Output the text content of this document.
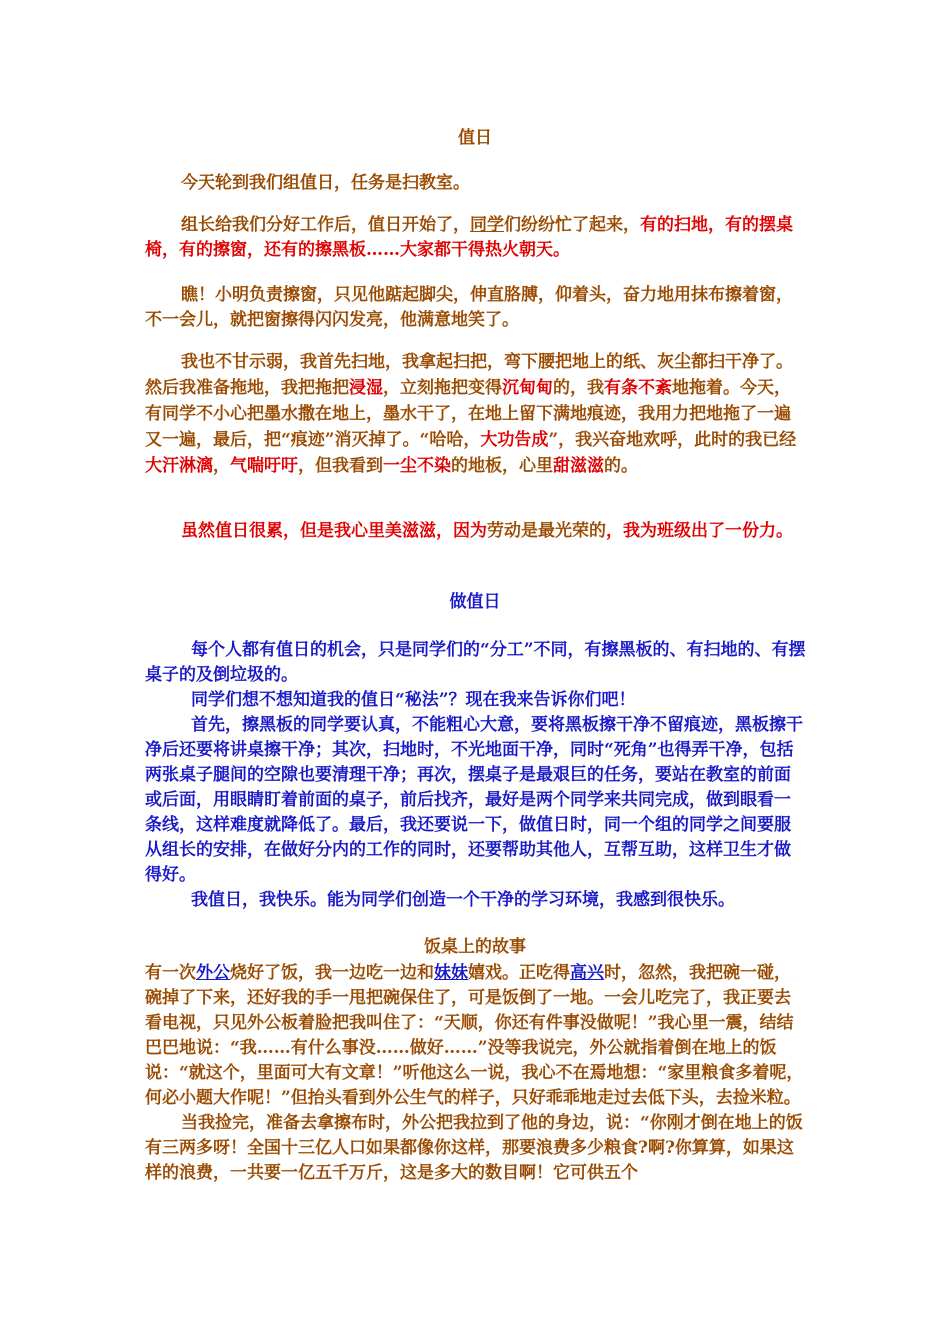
值日
今天轮到我们组值日，任务是扫教室。
组长给我们分好工作后，值日开始了，同学们纷纷忙了起来，有的扫地，有的摆桌椅，有的擦窗，还有的擦黑板……大家都干得热火朝天。
瞧！小明负责擦窗，只见他踮起脚尖，伸直胳膊，仰着头，奋力地用抹布擦着窗，不一会儿，就把窗擦得闪闪发亮，他满意地笑了。
我也不甘示弱，我首先扫地，我拿起扫把，弯下腰把地上的纸、灰尘都扫干净了。然后我准备拖地，我把拖把浸湿，立刻拖把变得沉甸甸的，我有条不紊地拖着。今天，有同学不小心把墨水撒在地上，墨水干了，在地上留下满地痕迹，我用力把地拖了一遍又一遍，最后，把“痕迹”消灭掉了。“哈哈，大功告成”，我兴奋地欢呼，此时的我已经大汗淋漓，气喘吁吁，但我看到一尘不染的地板，心里甜滋滋的。
虽然值日很累，但是我心里美滋滋，因为劳动是最光荣的，我为班级出了一份力。
做值日

每个人都有值日的机会，只是同学们的“分工”不同，有擦黑板的、有扫地的、有摆桌子的及倒垃圾的。

同学们想不想知道我的值日“秘法”？现在我来告诉你们吧！

首先，擦黑板的同学要认真，不能粗心大意，要将黑板擦干净不留痕迹，黑板擦干净后还要将讲桌擦干净；其次，扫地时，不光地面干净，同时“死角”也得弄干净，包括两张桌子腿间的空隙也要清理干净；再次，摆桌子是最艰巨的任务，要站在教室的前面或后面，用眼睛盯着前面的桌子，前后找齐，最好是两个同学来共同完成，做到眼看一条线，这样难度就降低了。最后，我还要说一下，做值日时，同一个组的同学之间要服从组长的安排，在做好分内的工作的同时，还要帮助其他人，互帮互助，这样卫生才做得好。

我值日，我快乐。能为同学们创造一个干净的学习环境，我感到很快乐。

饭桌上的故事

有一次外公烧好了饭，我一边吃一边和妹妹嬉戏。正吃得高兴时，忽然，我把碗一碰，碗掉了下来，还好我的手一甩把碗保住了，可是饭倒了一地。一会儿吃完了，我正要去看电视，只见外公板着脸把我叫住了：“天顺，你还有件事没做呢！”我心里一震，结结巴巴地说：“我……有什么事没……做好……”没等我说完，外公就指着倒在地上的饭说：“就这个，里面可大有文章！”听他这么一说，我心不在焉地想：“家里粮食多着呢，何必小题大作呢！”但抬头看到外公生气的样子，只好乖乖地走过去低下头，去捡米粒。

当我捡完，准备去拿擦布时，外公把我拉到了他的身边，说：“你刚才倒在地上的饭有三两多呀！全国十三亿人口如果都像你这样，那要浪费多少粮食?啊?你算算，如果这样的浪费，一共要一亿五千万斤，这是多大的数目啊！它可供五个
